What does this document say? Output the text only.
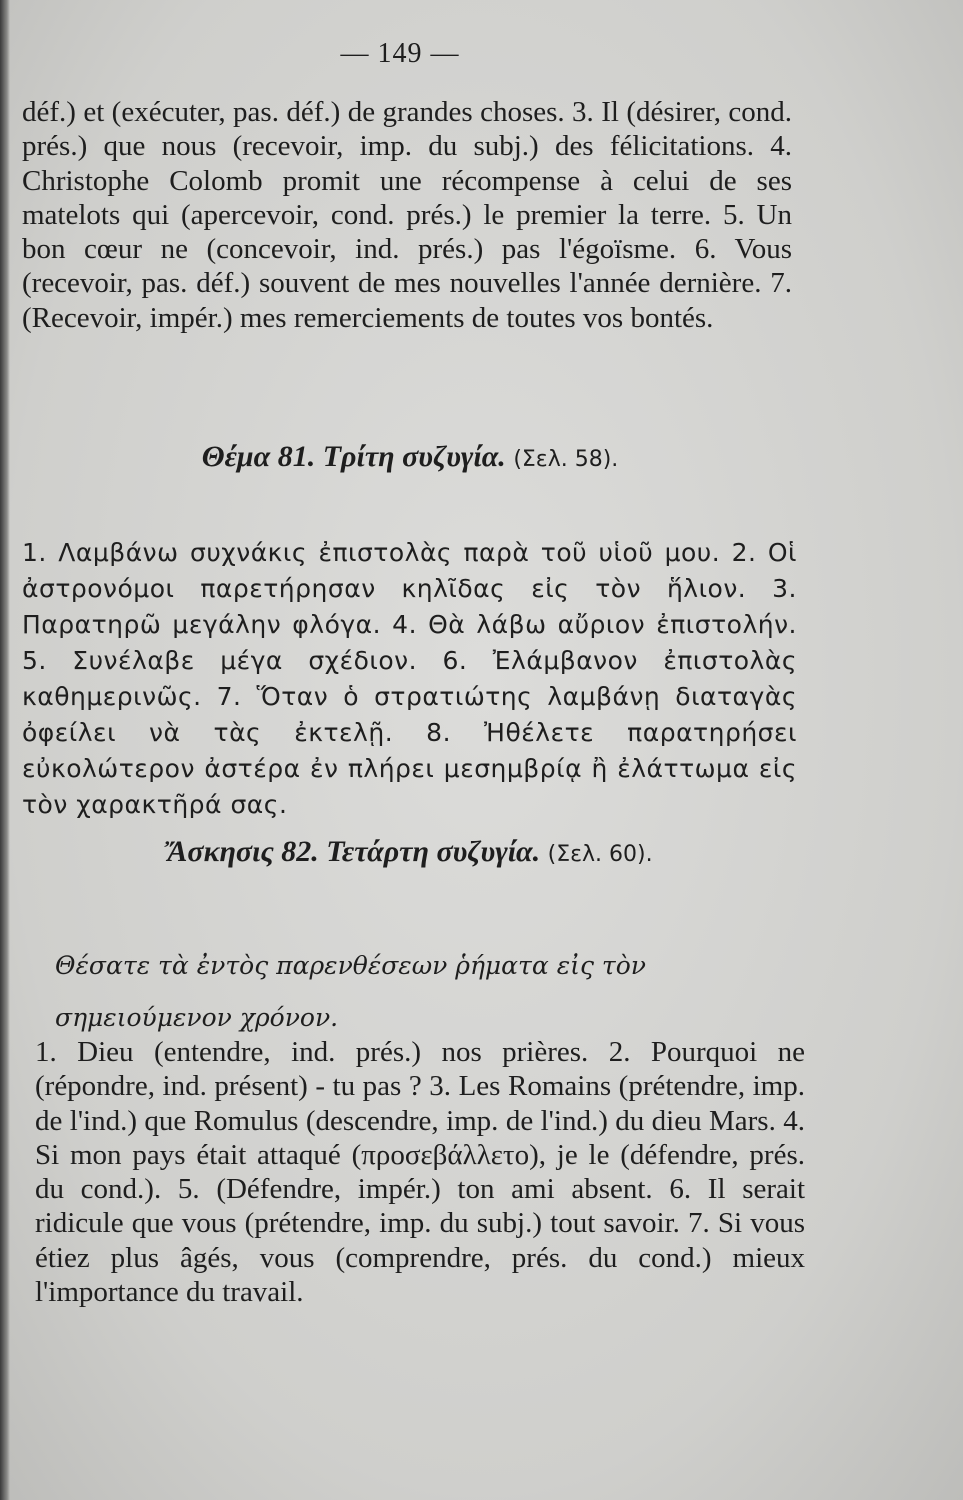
— 149 —
déf.) et (exécuter, pas. déf.) de grandes choses. 3. Il (désirer, cond. prés.) que nous (recevoir, imp. du subj.) des félicitations. 4. Christophe Colomb promit une récompense à celui de ses matelots qui (apercevoir, cond. prés.) le premier la terre. 5. Un bon cœur ne (concevoir, ind. prés.) pas l'égoïsme. 6. Vous (recevoir, pas. déf.) souvent de mes nouvelles l'année dernière. 7. (Recevoir, impér.) mes remerciements de toutes vos bontés.
Θέμα 81. Τρίτη συζυγία. (Σελ. 58).
1. Λαμβάνω συχνάκις ἐπιστολὰς παρὰ τοῦ υἱοῦ μου. 2. Οἱ ἀστρονόμοι παρετήρησαν κηλῖδας εἰς τὸν ἥλιον. 3. Παρατηρῶ μεγάλην φλόγα. 4. Θὰ λάβω αὔριον ἐπιστολήν. 5. Συνέλαβε μέγα σχέδιον. 6. Ἐλάμβανον ἐπιστολὰς καθημερινῶς. 7. Ὅταν ὁ στρατιώτης λαμβάνῃ διαταγὰς ὀφείλει νὰ τὰς ἐκτελῇ. 8. Ἠθέλετε παρατηρήσει εὐκολώτερον ἀστέρα ἐν πλήρει μεσημβρίᾳ ἢ ἐλάττωμα εἰς τὸν χαρακτῆρά σας.
Ἄσκησις 82. Τετάρτη συζυγία. (Σελ. 60).
Θέσατε τὰ ἐντὸς παρενθέσεων ῥήματα εἰς τὸν σημειούμενον χρόνον.
1. Dieu (entendre, ind. prés.) nos prières. 2. Pourquoi ne (répondre, ind. présent) - tu pas ? 3. Les Romains (prétendre, imp. de l'ind.) que Romulus (descendre, imp. de l'ind.) du dieu Mars. 4. Si mon pays était attaqué (προσεβάλλετο), je le (défendre, prés. du cond.). 5. (Défendre, impér.) ton ami absent. 6. Il serait ridicule que vous (prétendre, imp. du subj.) tout savoir. 7. Si vous étiez plus âgés, vous (comprendre, prés. du cond.) mieux l'importance du travail.
